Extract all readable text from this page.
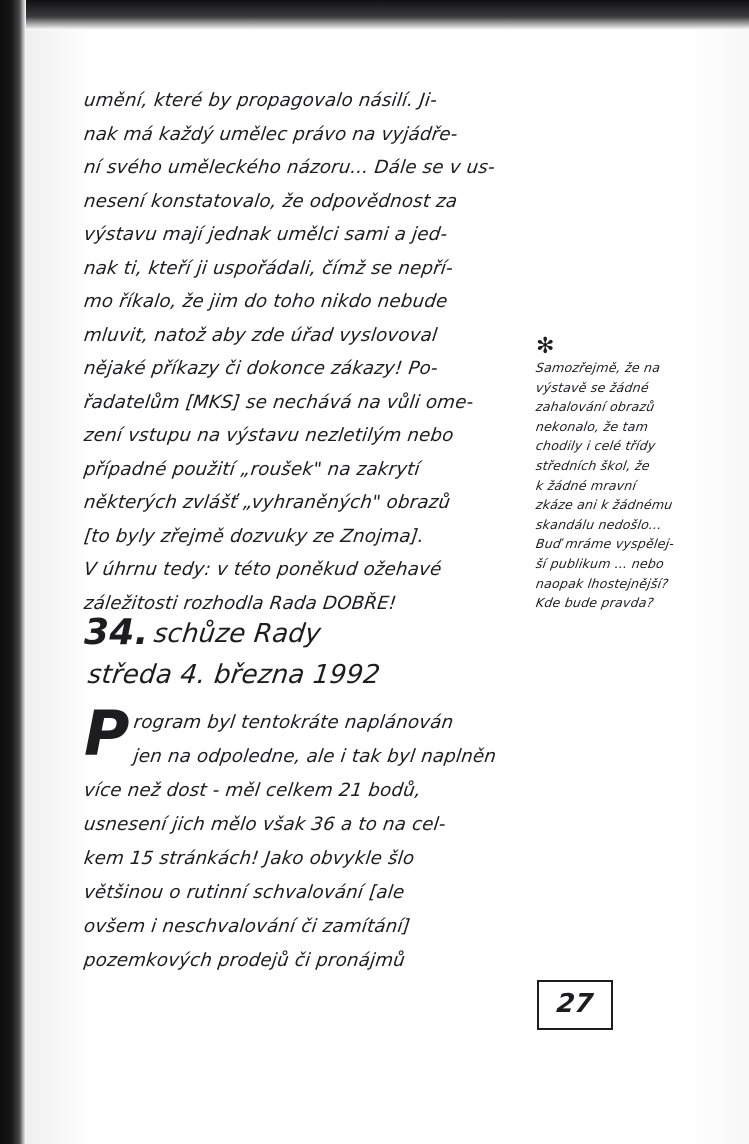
umění, které by propagovalo násilí. Ji-
nak má každý umělec právo na vyjádře-
ní svého uměleckého názoru... Dále se v us-
nesení konstatovalo, že odpovědnost za
výstavu mají jednak umělci sami a jed-
nak ti, kteří ji uspořádali, čímž se nepří-
mo říkalo, že jim do toho nikdo nebude
mluvit, natož aby zde úřad vyslovoval
nějaké příkazy či dokonce zákazy! Po-
řadatelům [MKS] se nechává na vůli ome-
zení vstupu na výstavu nezletilým nebo
případné použití „roušek" na zakrytí
některých zvlášť „vyhraněných" obrazů
[to byly zřejmě dozvuky ze Znojma].
V úhrnu tedy: v této poněkud ožehavé
záležitosti rozhodla Rada DOBŘE!
✻
Samozřejmě, že na
výstavě se žádné
zahalování obrazů
nekonalo, že tam
chodily i celé třídy
středních škol, že
k žádné mravní
zkáze ani k žádnému
skandálu nedošlo...
Buď mráme vyspělej-
ší publikum ... nebo
naopak lhostejnější?
Kde bude pravda?
34. schůze Rady
středa 4. března 1992
P rogram byl tentokráte naplánován
jen na odpoledne, ale i tak byl naplněn
více než dost - měl celkem 21 bodů,
usnesení jich mělo však 36 a to na cel-
kem 15 stránkách! Jako obvykle šlo
většinou o rutinní schvalování [ale
ovšem i neschvalování či zamítání]
pozemkových prodejů či pronájmů
27
